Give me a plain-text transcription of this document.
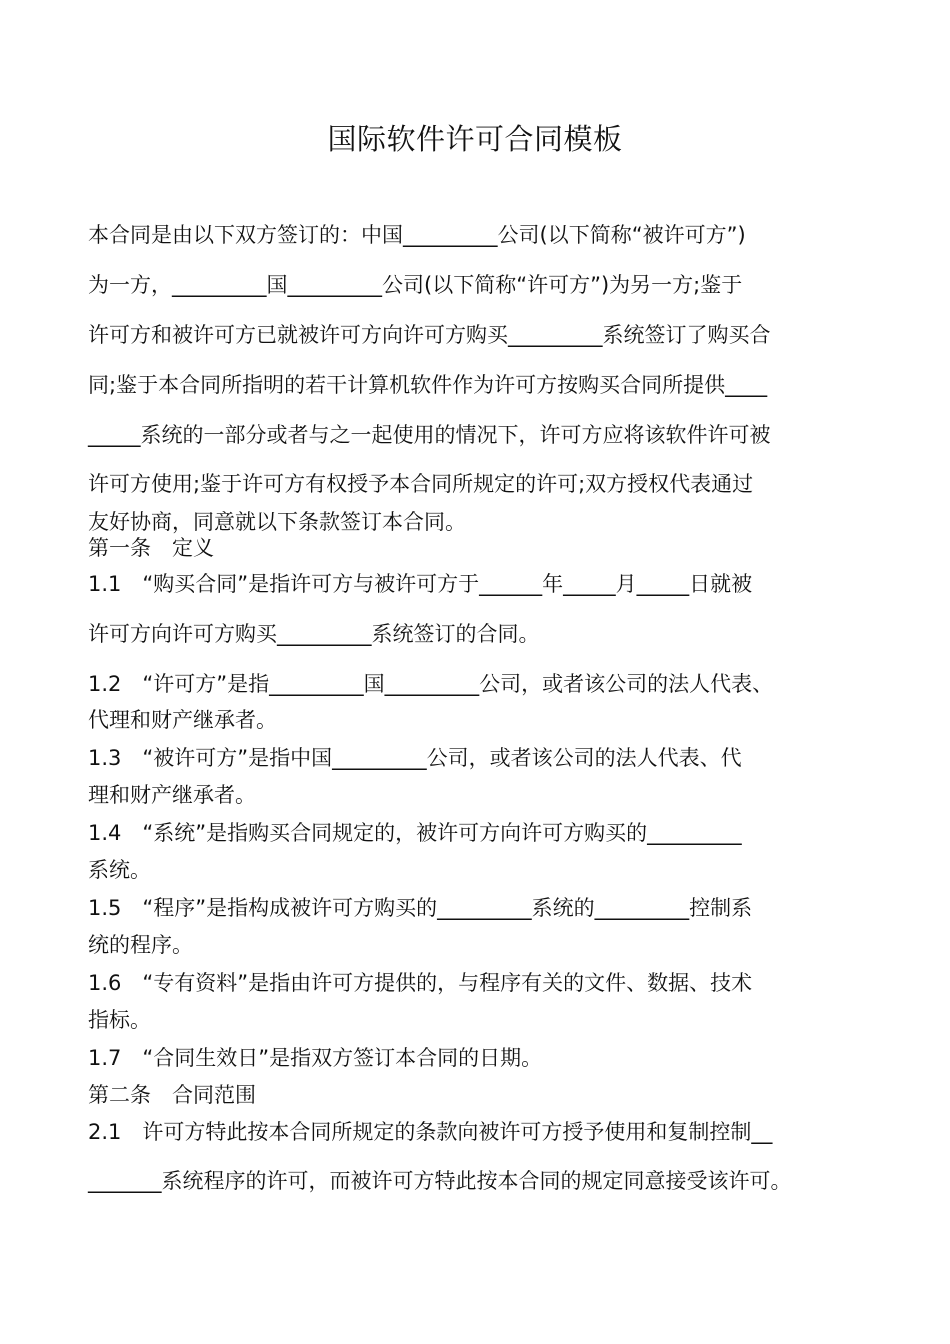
国际软件许可合同模板
本合同是由以下双方签订的：中国_________公司(以下简称“被许可方”)
为一方，_________国_________公司(以下简称“许可方”)为另一方;鉴于
许可方和被许可方已就被许可方向许可方购买_________系统签订了购买合
同;鉴于本合同所指明的若干计算机软件作为许可方按购买合同所提供____
_____系统的一部分或者与之一起使用的情况下，许可方应将该软件许可被
许可方使用;鉴于许可方有权授予本合同所规定的许可;双方授权代表通过
友好协商，同意就以下条款签订本合同。
第一条　定义
1.1　“购买合同”是指许可方与被许可方于______年_____月_____日就被
许可方向许可方购买_________系统签订的合同。
1.2　“许可方”是指_________国_________公司，或者该公司的法人代表、
代理和财产继承者。
1.3　“被许可方”是指中国_________公司，或者该公司的法人代表、代
理和财产继承者。
1.4　“系统”是指购买合同规定的，被许可方向许可方购买的_________
系统。
1.5　“程序”是指构成被许可方购买的_________系统的_________控制系
统的程序。
1.6　“专有资料”是指由许可方提供的，与程序有关的文件、数据、技术
指标。
1.7　“合同生效日”是指双方签订本合同的日期。
第二条　合同范围
2.1　许可方特此按本合同所规定的条款向被许可方授予使用和复制控制__
_______系统程序的许可，而被许可方特此按本合同的规定同意接受该许可。
